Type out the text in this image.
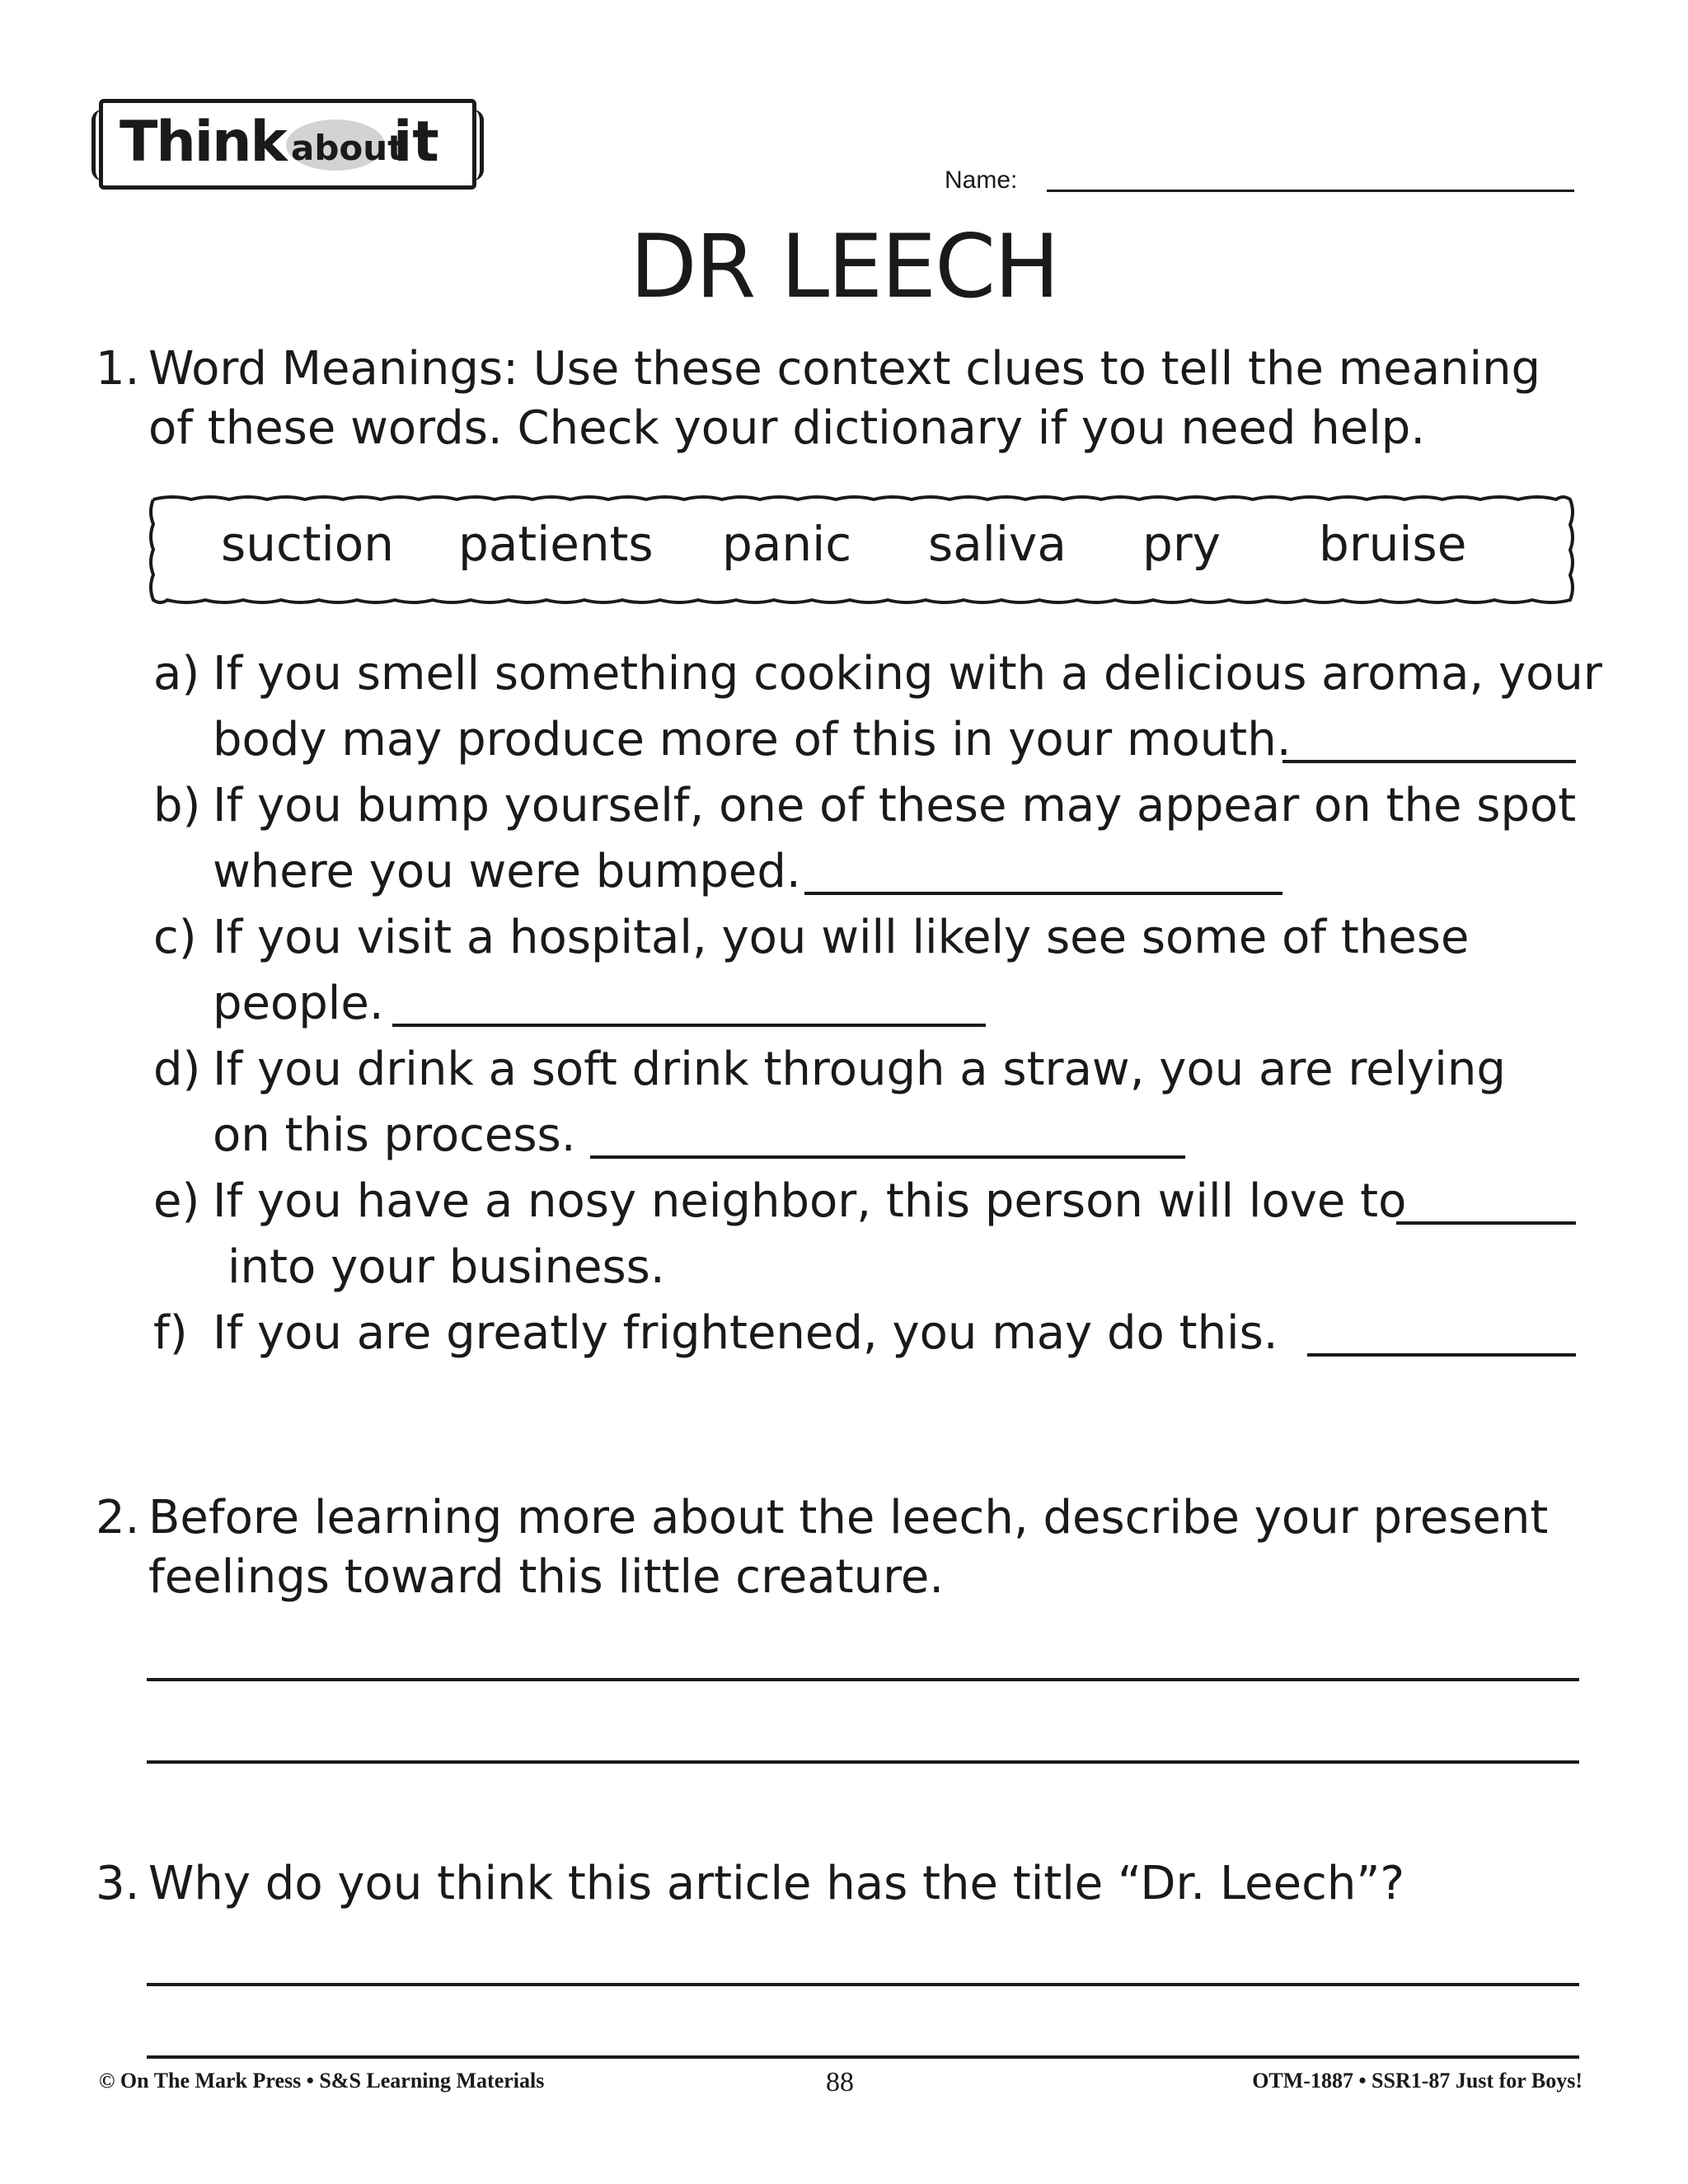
Think about
it
Name:
DR LEECH
1. Word Meanings: Use these context clues to tell the meaning
of these words. Check your dictionary if you need help.
suction patients panic saliva pry bruise
a) If you smell something cooking with a delicious aroma, your
body may produce more of this in your mouth.
b) If you bump yourself, one of these may appear on the spot
where you were bumped.
c) If you visit a hospital, you will likely see some of these
people.
d) If you drink a soft drink through a straw, you are relying
on this process.
e) If you have a nosy neighbor, this person will love to
into your business.
f) If you are greatly frightened, you may do this.
2. Before learning more about the leech, describe your present
feelings toward this little creature.
3. Why do you think this article has the title “Dr. Leech”?
© On The Mark Press • S&S Learning Materials	88	OTM-1887 • SSR1-87 Just for Boys!
